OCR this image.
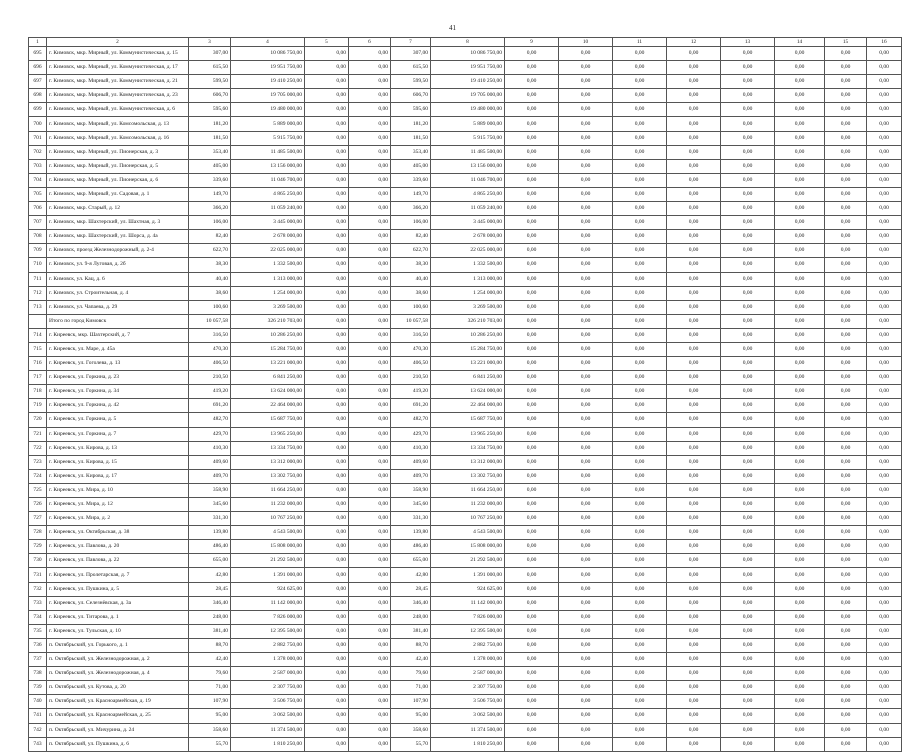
41
1	2	3	4	5	6	7	8	9	10	11	12	13	14	15	16
695	г. Кимовск, мкр. Мирный, ул. Коммунистическая, д. 15	307,00	10 086 750,00	0,00	0,00	307,00	10 086 750,00	0,00	0,00	0,00	0,00	0,00	0,00	0,00	0,00
696	г. Кимовск, мкр. Мирный, ул. Коммунистическая, д. 17	615,50	19 951 750,00	0,00	0,00	615,50	19 951 750,00	0,00	0,00	0,00	0,00	0,00	0,00	0,00	0,00
697	г. Кимовск, мкр. Мирный, ул. Коммунистическая, д. 21	599,50	19 410 250,00	0,00	0,00	599,50	19 410 250,00	0,00	0,00	0,00	0,00	0,00	0,00	0,00	0,00
698	г. Кимовск, мкр. Мирный, ул. Коммунистическая, д. 23	606,70	19 705 000,00	0,00	0,00	606,70	19 705 000,00	0,00	0,00	0,00	0,00	0,00	0,00	0,00	0,00
699	г. Кимовск, мкр. Мирный, ул. Коммунистическая, д. 6	595,60	19 480 000,00	0,00	0,00	595,60	19 480 000,00	0,00	0,00	0,00	0,00	0,00	0,00	0,00	0,00
700	г. Кимовск, мкр. Мирный, ул. Комсомольская, д. 13	181,20	5 889 000,00	0,00	0,00	181,20	5 889 000,00	0,00	0,00	0,00	0,00	0,00	0,00	0,00	0,00
701	г. Кимовск, мкр. Мирный, ул. Комсомольская, д. 16	181,50	5 915 750,00	0,00	0,00	181,50	5 915 750,00	0,00	0,00	0,00	0,00	0,00	0,00	0,00	0,00
702	г. Кимовск, мкр. Мирный, ул. Пионерская, д. 3	353,40	11 485 500,00	0,00	0,00	353,40	11 485 500,00	0,00	0,00	0,00	0,00	0,00	0,00	0,00	0,00
703	г. Кимовск, мкр. Мирный, ул. Пионерская, д. 5	405,00	13 156 000,00	0,00	0,00	405,00	13 156 000,00	0,00	0,00	0,00	0,00	0,00	0,00	0,00	0,00
704	г. Кимовск, мкр. Мирный, ул. Пионерская, д. 6	339,60	11 046 700,00	0,00	0,00	339,60	11 046 700,00	0,00	0,00	0,00	0,00	0,00	0,00	0,00	0,00
705	г. Кимовск, мкр. Мирный, ул. Садовая, д. 1	149,70	4 865 250,00	0,00	0,00	149,70	4 865 250,00	0,00	0,00	0,00	0,00	0,00	0,00	0,00	0,00
706	г. Кимовск, мкр. Старый, д. 12	366,20	11 059 240,00	0,00	0,00	366,20	11 059 240,00	0,00	0,00	0,00	0,00	0,00	0,00	0,00	0,00
707	г. Кимовск, мкр. Шахтерский, ул. Шахтная, д. 3	106,00	3 445 000,00	0,00	0,00	106,00	3 445 000,00	0,00	0,00	0,00	0,00	0,00	0,00	0,00	0,00
708	г. Кимовск, мкр. Шахтерский, ул. Шорса, д. 4а	82,40	2 678 000,00	0,00	0,00	82,40	2 678 000,00	0,00	0,00	0,00	0,00	0,00	0,00	0,00	0,00
709	г. Кимовск, проезд Железнодорожный, д. 2-4	622,70	22 025 000,00	0,00	0,00	622,70	22 025 000,00	0,00	0,00	0,00	0,00	0,00	0,00	0,00	0,00
710	г. Кимовск, ул. 9-я Луговая, д. 2б	38,30	1 332 500,00	0,00	0,00	38,30	1 332 500,00	0,00	0,00	0,00	0,00	0,00	0,00	0,00	0,00
711	г. Кимовск, ул. Кац, д. 6	40,40	1 313 000,00	0,00	0,00	40,40	1 313 000,00	0,00	0,00	0,00	0,00	0,00	0,00	0,00	0,00
712	г. Кимовск, ул. Строительная, д. 4	38,60	1 254 000,00	0,00	0,00	38,60	1 254 000,00	0,00	0,00	0,00	0,00	0,00	0,00	0,00	0,00
713	г. Кимовск, ул. Чапаева, д. 29	100,60	3 269 500,00	0,00	0,00	100,60	3 269 500,00	0,00	0,00	0,00	0,00	0,00	0,00	0,00	0,00
	Итого по город Кимовск	10 057,58	326 210 703,00	0,00	0,00	10 057,58	326 210 703,00	0,00	0,00	0,00	0,00	0,00	0,00	0,00	0,00
714	г. Киреевск, мкр. Шахтерский, д. 7	316,50	10 286 250,00	0,00	0,00	316,50	10 286 250,00	0,00	0,00	0,00	0,00	0,00	0,00	0,00	0,00
715	г. Киреевск, ул. Маре, д. 45а	470,30	15 284 750,00	0,00	0,00	470,30	15 284 750,00	0,00	0,00	0,00	0,00	0,00	0,00	0,00	0,00
716	г. Киреевск, ул. Гоголева, д. 13	406,50	13 221 000,00	0,00	0,00	406,50	13 221 000,00	0,00	0,00	0,00	0,00	0,00	0,00	0,00	0,00
717	г. Киреевск, ул. Горкина, д. 23	210,50	6 841 250,00	0,00	0,00	210,50	6 841 250,00	0,00	0,00	0,00	0,00	0,00	0,00	0,00	0,00
718	г. Киреевск, ул. Горкина, д. 34	419,20	13 624 000,00	0,00	0,00	419,20	13 624 000,00	0,00	0,00	0,00	0,00	0,00	0,00	0,00	0,00
719	г. Киреевск, ул. Горкина, д. 42	691,20	22 464 000,00	0,00	0,00	691,20	22 464 000,00	0,00	0,00	0,00	0,00	0,00	0,00	0,00	0,00
720	г. Киреевск, ул. Горкина, д. 5	482,70	15 687 750,00	0,00	0,00	482,70	15 687 750,00	0,00	0,00	0,00	0,00	0,00	0,00	0,00	0,00
721	г. Киреевск, ул. Горкина, д. 7	429,70	13 965 250,00	0,00	0,00	429,70	13 965 250,00	0,00	0,00	0,00	0,00	0,00	0,00	0,00	0,00
722	г. Киреевск, ул. Кирова, д. 13	410,30	13 334 750,00	0,00	0,00	410,30	13 334 750,00	0,00	0,00	0,00	0,00	0,00	0,00	0,00	0,00
723	г. Киреевск, ул. Кирова, д. 15	409,60	13 312 000,00	0,00	0,00	409,60	13 312 000,00	0,00	0,00	0,00	0,00	0,00	0,00	0,00	0,00
724	г. Киреевск, ул. Кирова, д. 17	409,70	13 302 750,00	0,00	0,00	409,70	13 302 750,00	0,00	0,00	0,00	0,00	0,00	0,00	0,00	0,00
725	г. Киреевск, ул. Мира, д. 10	358,90	11 664 250,00	0,00	0,00	358,90	11 664 250,00	0,00	0,00	0,00	0,00	0,00	0,00	0,00	0,00
726	г. Киреевск, ул. Мира, д. 12	345,60	11 232 000,00	0,00	0,00	345,60	11 232 000,00	0,00	0,00	0,00	0,00	0,00	0,00	0,00	0,00
727	г. Киреевск, ул. Мира, д. 2	331,30	10 767 250,00	0,00	0,00	331,30	10 767 250,00	0,00	0,00	0,00	0,00	0,00	0,00	0,00	0,00
728	г. Киреевск, ул. Октябрьская, д. 38	139,80	4 543 500,00	0,00	0,00	139,80	4 543 500,00	0,00	0,00	0,00	0,00	0,00	0,00	0,00	0,00
729	г. Киреевск, ул. Павлова, д. 20	486,40	15 808 000,00	0,00	0,00	486,40	15 808 000,00	0,00	0,00	0,00	0,00	0,00	0,00	0,00	0,00
730	г. Киреевск, ул. Павлова, д. 22	655,00	21 292 500,00	0,00	0,00	655,00	21 292 500,00	0,00	0,00	0,00	0,00	0,00	0,00	0,00	0,00
731	г. Киреевск, ул. Пролетарская, д. 7	42,80	1 391 000,00	0,00	0,00	42,80	1 391 000,00	0,00	0,00	0,00	0,00	0,00	0,00	0,00	0,00
732	г. Киреевск, ул. Пушкина, д. 5	28,45	924 625,00	0,00	0,00	28,45	924 625,00	0,00	0,00	0,00	0,00	0,00	0,00	0,00	0,00
733	г. Киреевск, ул. Селезнёвская, д. 3а	346,40	11 142 000,00	0,00	0,00	346,40	11 142 000,00	0,00	0,00	0,00	0,00	0,00	0,00	0,00	0,00
734	г. Киреевск, ул. Титарова, д. 1	248,00	7 826 000,00	0,00	0,00	248,00	7 826 000,00	0,00	0,00	0,00	0,00	0,00	0,00	0,00	0,00
735	г. Киреевск, ул. Тульская, д. 10	381,40	12 395 500,00	0,00	0,00	381,40	12 395 500,00	0,00	0,00	0,00	0,00	0,00	0,00	0,00	0,00
736	п. Октябрьский, ул. Горького, д. 1	88,70	2 882 750,00	0,00	0,00	88,70	2 882 750,00	0,00	0,00	0,00	0,00	0,00	0,00	0,00	0,00
737	п. Октябрьский, ул. Железнодорожная, д. 2	42,40	1 378 000,00	0,00	0,00	42,40	1 378 000,00	0,00	0,00	0,00	0,00	0,00	0,00	0,00	0,00
738	п. Октябрьский, ул. Железнодорожная, д. 4	79,60	2 587 000,00	0,00	0,00	79,60	2 587 000,00	0,00	0,00	0,00	0,00	0,00	0,00	0,00	0,00
739	п. Октябрьский, ул. Кутова, д. 20	71,00	2 307 750,00	0,00	0,00	71,00	2 307 750,00	0,00	0,00	0,00	0,00	0,00	0,00	0,00	0,00
740	п. Октябрьский, ул. Красноармейская, д. 19	107,90	3 506 750,00	0,00	0,00	107,90	3 506 750,00	0,00	0,00	0,00	0,00	0,00	0,00	0,00	0,00
741	п. Октябрьский, ул. Красноармейская, д. 25	95,00	3 062 500,00	0,00	0,00	95,00	3 062 500,00	0,00	0,00	0,00	0,00	0,00	0,00	0,00	0,00
742	п. Октябрьский, ул. Мичурина, д. 24	358,60	11 374 500,00	0,00	0,00	358,60	11 374 500,00	0,00	0,00	0,00	0,00	0,00	0,00	0,00	0,00
743	п. Октябрьский, ул. Пушкина, д. 6	55,70	1 810 250,00	0,00	0,00	55,70	1 810 250,00	0,00	0,00	0,00	0,00	0,00	0,00	0,00	0,00
